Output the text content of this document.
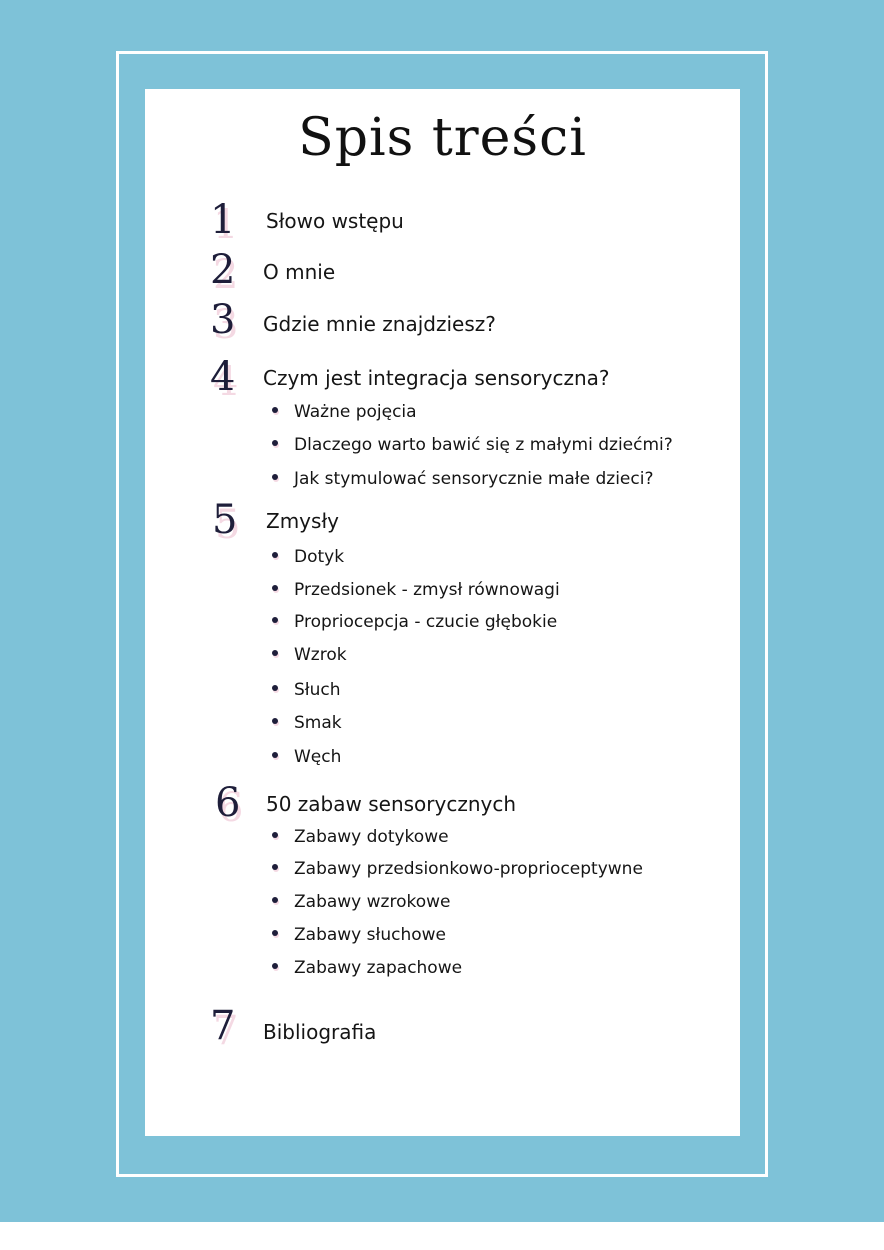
Spis treści
1 Słowo wstępu
2 O mnie
3 Gdzie mnie znajdziesz?
4 Czym jest integracja sensoryczna?
Ważne pojęcia
Dlaczego warto bawić się z małymi dziećmi?
Jak stymulować sensorycznie małe dzieci?
5 Zmysły
Dotyk
Przedsionek - zmysł równowagi
Propriocepcja - czucie głębokie
Wzrok
Słuch
Smak
Węch
6 50 zabaw sensorycznych
Zabawy dotykowe
Zabawy przedsionkowo-proprioceptywne
Zabawy wzrokowe
Zabawy słuchowe
Zabawy zapachowe
7 Bibliografia
